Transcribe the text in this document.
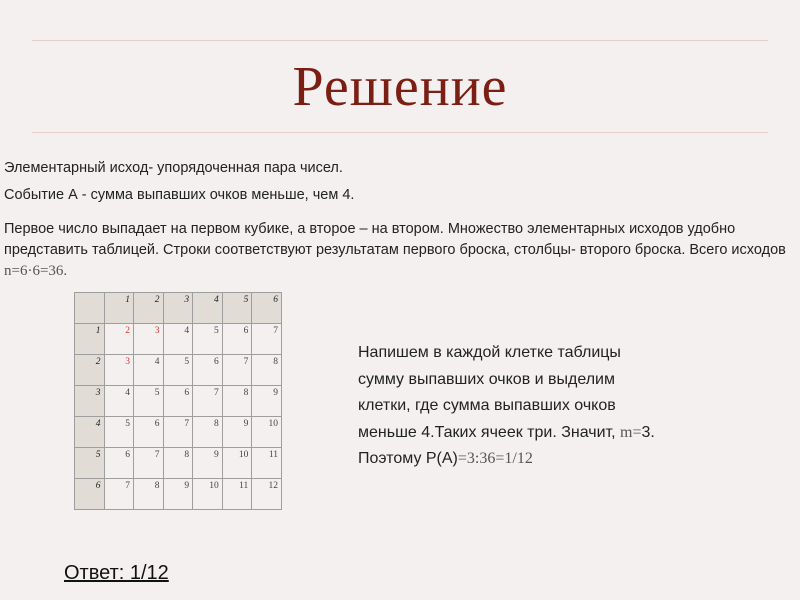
Решение
Элементарный исход- упорядоченная пара чисел.
Событие А - сумма выпавших очков меньше, чем 4.
Первое число выпадает на первом кубике, а второе – на втором. Множество элементарных исходов удобно представить таблицей. Строки соответствуют результатам первого броска, столбцы- второго броска. Всего исходов n=6·6=36.
	1	2	3	4	5	6
1	2	3	4	5	6	7
2	3	4	5	6	7	8
3	4	5	6	7	8	9
4	5	6	7	8	9	10
5	6	7	8	9	10	11
6	7	8	9	10	11	12
Напишем в каждой клетке таблицы
сумму выпавших очков и выделим
клетки, где сумма выпавших очков
меньше 4.Таких ячеек три. Значит, m=3.
Поэтому Р(А)=3:36=1/12
Ответ: 1/12
